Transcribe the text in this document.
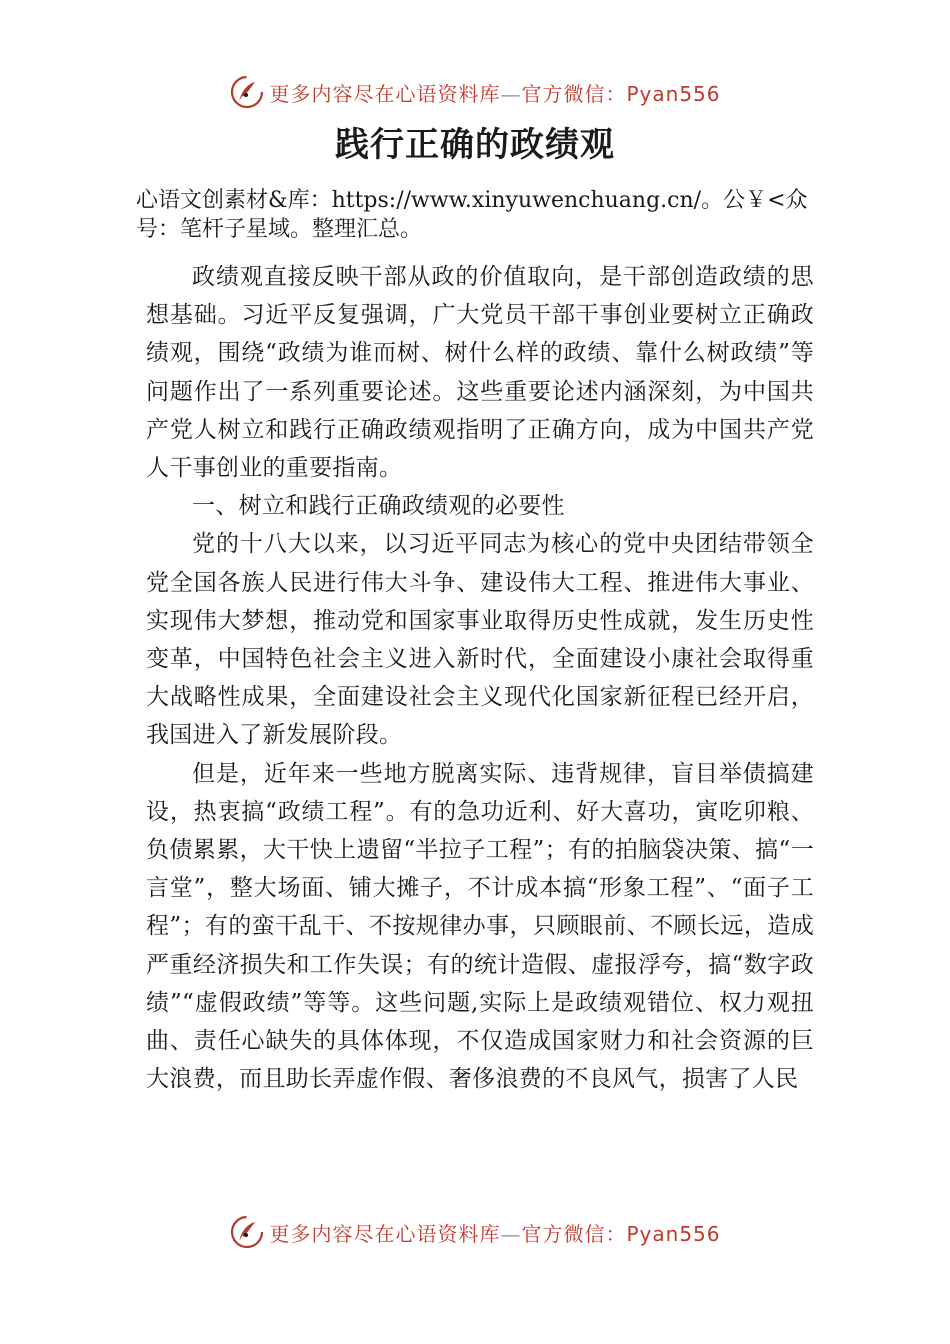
更多内容尽在心语资料库—官方微信：Pyan556
践行正确的政绩观

心语文创素材&库：https://www.xinyuwenchuang.cn/。公￥<众号：笔杆子星域。整理汇总。

政绩观直接反映干部从政的价值取向，是干部创造政绩的思想基础。习近平反复强调，广大党员干部干事创业要树立正确政绩观，围绕“政绩为谁而树、树什么样的政绩、靠什么树政绩”等问题作出了一系列重要论述。这些重要论述内涵深刻，为中国共产党人树立和践行正确政绩观指明了正确方向，成为中国共产党人干事创业的重要指南。

一、树立和践行正确政绩观的必要性

党的十八大以来，以习近平同志为核心的党中央团结带领全党全国各族人民进行伟大斗争、建设伟大工程、推进伟大事业、实现伟大梦想，推动党和国家事业取得历史性成就，发生历史性变革，中国特色社会主义进入新时代，全面建设小康社会取得重大战略性成果，全面建设社会主义现代化国家新征程已经开启，我国进入了新发展阶段。

但是，近年来一些地方脱离实际、违背规律，盲目举债搞建设，热衷搞“政绩工程”。有的急功近利、好大喜功，寅吃卯粮、负债累累，大干快上遗留“半拉子工程”；有的拍脑袋决策、搞“一言堂”，整大场面、铺大摊子，不计成本搞“形象工程”、“面子工程”；有的蛮干乱干、不按规律办事，只顾眼前、不顾长远，造成严重经济损失和工作失误；有的统计造假、虚报浮夸，搞“数字政绩”“虚假政绩”等等。这些问题,实际上是政绩观错位、权力观扭曲、责任心缺失的具体体现，不仅造成国家财力和社会资源的巨大浪费，而且助长弄虚作假、奢侈浪费的不良风气，损害了人民

更多内容尽在心语资料库—官方微信：Pyan556
